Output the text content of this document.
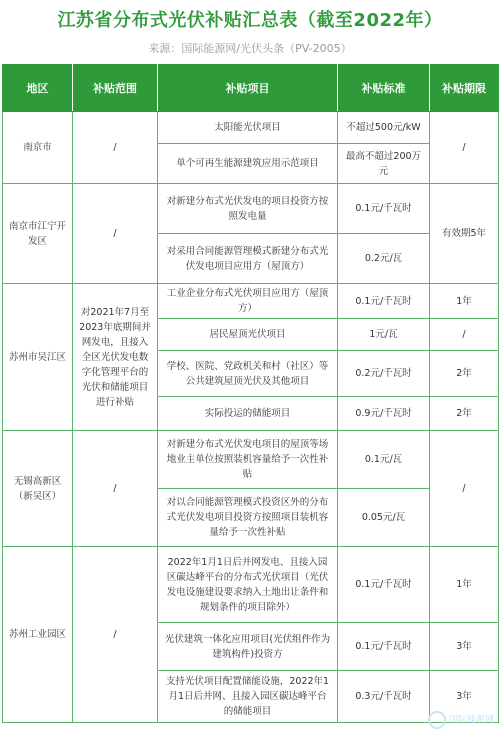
江苏省分布式光伏补贴汇总表（截至2022年）
来源：国际能源网/光伏头条（PV-2005）
地区	补贴范围	补贴项目	补贴标准	补贴期限
南京市	/	太阳能光伏项目	不超过500元/kW	/
		单个可再生能源建筑应用示范项目	最高不超过200万元	
南京市江宁开发区	/	对新建分布式光伏发电的项目投资方按照发电量	0.1元/千瓦时	有效期5年
		对采用合同能源管理模式新建分布式光伏发电项目应用方（屋顶方）	0.2元/瓦	
苏州市吴江区	对2021年7月至2023年底期间并网发电，且接入全区光伏发电数字化管理平台的光伏和储能项目进行补贴	工业企业分布式光伏项目应用方（屋顶方）	0.1元/千瓦时	1年
		居民屋顶光伏项目	1元/瓦	/
		学校、医院、党政机关和村（社区）等公共建筑屋顶光伏及其他项目	0.2元/千瓦时	2年
		实际投运的储能项目	0.9元/千瓦时	2年
无锡高新区（新吴区）	/	对新建分布式光伏发电项目的屋顶等场地业主单位按照装机容量给予一次性补贴	0.1元/瓦	/
		对以合同能源管理模式投资区外的分布式光伏发电项目投资方按照项目装机容量给予一次性补贴	0.05元/瓦	
苏州工业园区	/	2022年1月1日后并网发电、且接入园区碳达峰平台的分布式光伏项目（光伏发电设施建设要求纳入土地出让条件和规划条件的项目除外）	0.1元/千瓦时	1年
		光伏建筑一体化应用项目(光伏组件作为建筑构件)投资方	0.1元/千瓦时	3年
		支持光伏项目配置储能设施，2022年1月1日后并网、且接入园区碳达峰平台的储能项目	0.3元/千瓦时	3年
国际能源网
